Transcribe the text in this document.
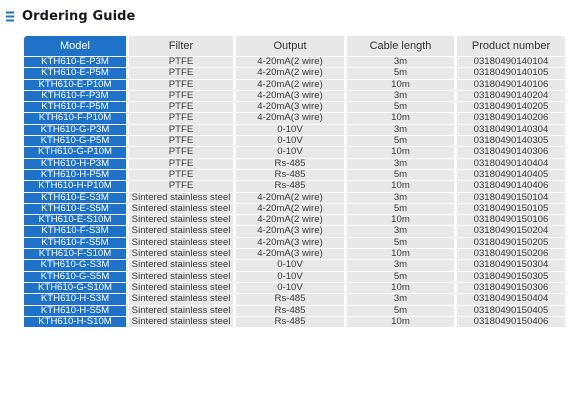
Ordering Guide
Model	Filter	Output	Cable length	Product number
KTH610-E-P3M	PTFE	4-20mA(2 wire)	3m	03180490140104
KTH610-E-P5M	PTFE	4-20mA(2 wire)	5m	03180490140105
KTH610-E-P10M	PTFE	4-20mA(2 wire)	10m	03180490140106
KTH610-F-P3M	PTFE	4-20mA(3 wire)	3m	03180490140204
KTH610-F-P5M	PTFE	4-20mA(3 wire)	5m	03180490140205
KTH610-F-P10M	PTFE	4-20mA(3 wire)	10m	03180490140206
KTH610-G-P3M	PTFE	0-10V	3m	03180490140304
KTH610-G-P5M	PTFE	0-10V	5m	03180490140305
KTH610-G-P10M	PTFE	0-10V	10m	03180490140306
KTH610-H-P3M	PTFE	Rs-485	3m	03180490140404
KTH610-H-P5M	PTFE	Rs-485	5m	03180490140405
KTH610-H-P10M	PTFE	Rs-485	10m	03180490140406
KTH610-E-S3M	Sintered stainless steel	4-20mA(2 wire)	3m	03180490150104
KTH610-E-S5M	Sintered stainless steel	4-20mA(2 wire)	5m	03180490150105
KTH610-E-S10M	Sintered stainless steel	4-20mA(2 wire)	10m	03180490150106
KTH610-F-S3M	Sintered stainless steel	4-20mA(3 wire)	3m	03180490150204
KTH610-F-S5M	Sintered stainless steel	4-20mA(3 wire)	5m	03180490150205
KTH610-F-S10M	Sintered stainless steel	4-20mA(3 wire)	10m	03180490150206
KTH610-G-S3M	Sintered stainless steel	0-10V	3m	03180490150304
KTH610-G-S5M	Sintered stainless steel	0-10V	5m	03180490150305
KTH610-G-S10M	Sintered stainless steel	0-10V	10m	03180490150306
KTH610-H-S3M	Sintered stainless steel	Rs-485	3m	03180490150404
KTH610-H-S5M	Sintered stainless steel	Rs-485	5m	03180490150405
KTH610-H-S10M	Sintered stainless steel	Rs-485	10m	03180490150406
